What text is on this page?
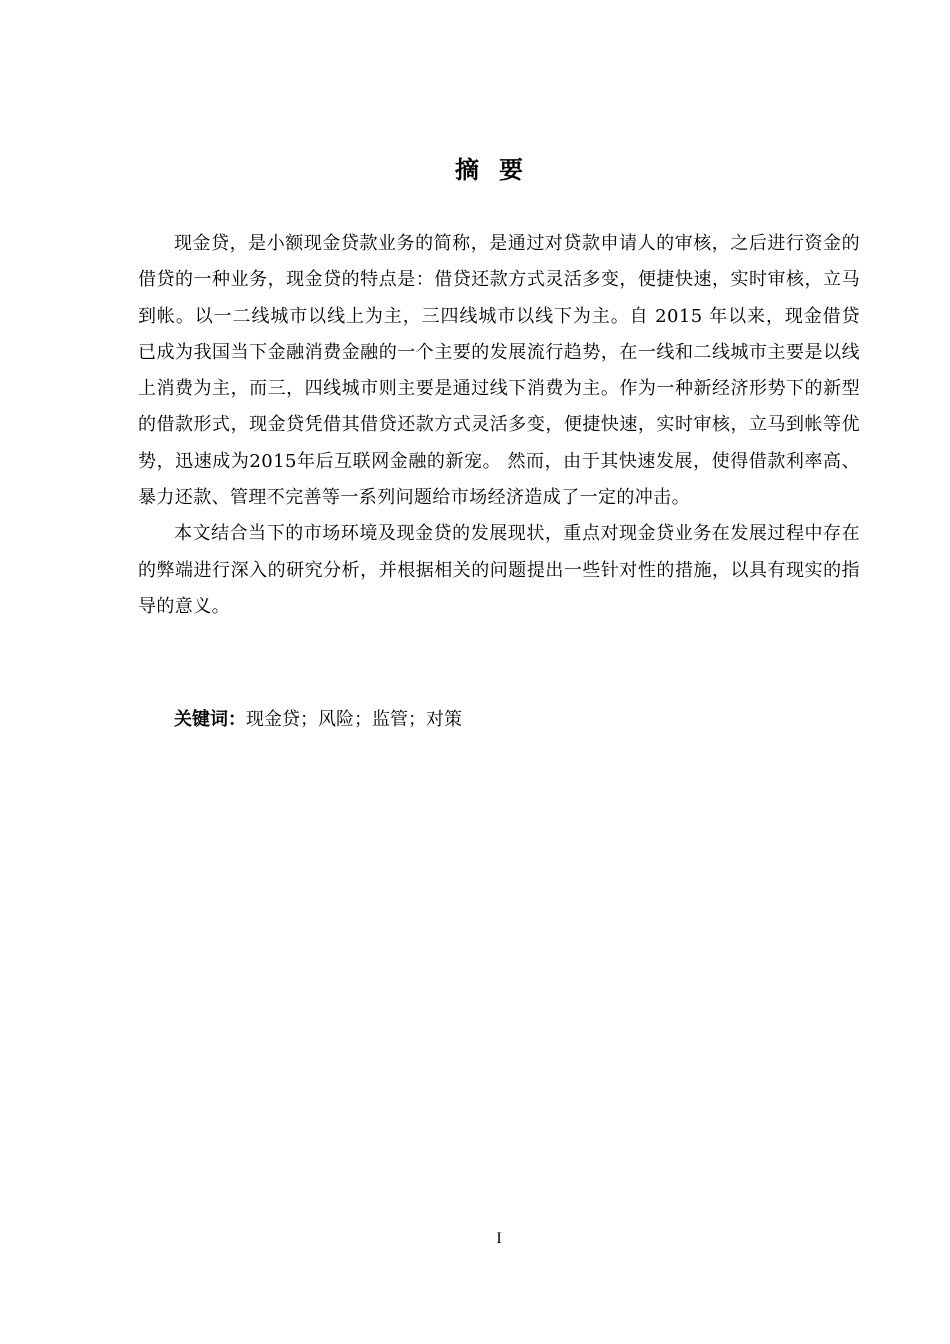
摘要

现金贷，是小额现金贷款业务的简称，是通过对贷款申请人的审核，之后进行资金的借贷的一种业务，现金贷的特点是：借贷还款方式灵活多变，便捷快速，实时审核，立马到帐。以一二线城市以线上为主，三四线城市以线下为主。自 2015 年以来，现金借贷已成为我国当下金融消费金融的一个主要的发展流行趋势，在一线和二线城市主要是以线上消费为主，而三，四线城市则主要是通过线下消费为主。作为一种新经济形势下的新型的借款形式，现金贷凭借其借贷还款方式灵活多变，便捷快速，实时审核，立马到帐等优势，迅速成为2015年后互联网金融的新宠。 然而，由于其快速发展，使得借款利率高、 暴力还款、管理不完善等一系列问题给市场经济造成了一定的冲击。

本文结合当下的市场环境及现金贷的发展现状，重点对现金贷业务在发展过程中存在的弊端进行深入的研究分析，并根据相关的问题提出一些针对性的措施，以具有现实的指导的意义。

关键词：现金贷；风险；监管；对策
I
